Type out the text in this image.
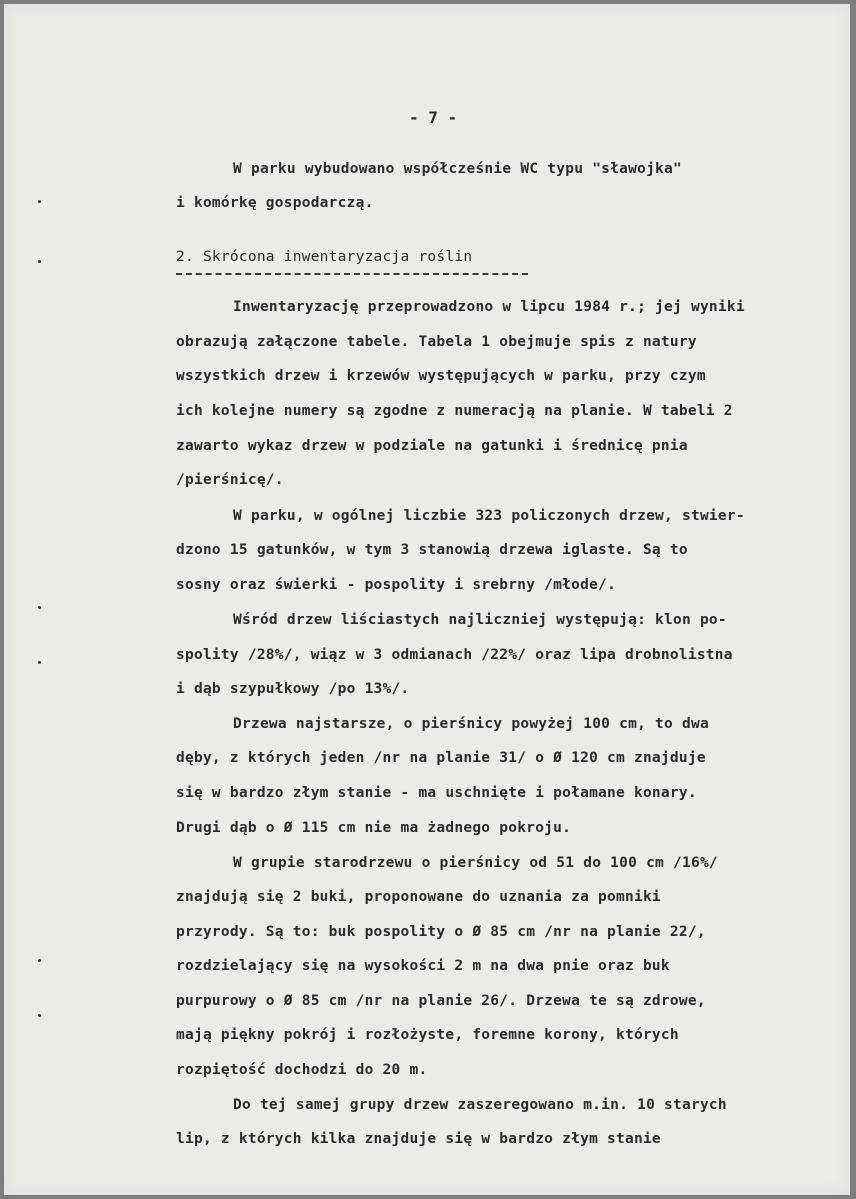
- 7 -
W parku wybudowano współcześnie WC typu "sławojka"
i komórkę gospodarczą.
2. Skrócona inwentaryzacja roślin
Inwentaryzację przeprowadzono w lipcu 1984 r.; jej wyniki
obrazują załączone tabele. Tabela 1 obejmuje spis z natury
wszystkich drzew i krzewów występujących w parku, przy czym
ich kolejne numery są zgodne z numeracją na planie. W tabeli 2
zawarto wykaz drzew w podziale na gatunki i średnicę pnia
/pierśnicę/.
W parku, w ogólnej liczbie 323 policzonych drzew, stwier-
dzono 15 gatunków, w tym 3 stanowią drzewa iglaste. Są to
sosny oraz świerki - pospolity i srebrny /młode/.
Wśród drzew liściastych najliczniej występują: klon po-
spolity /28%/, wiąz w 3 odmianach /22%/ oraz lipa drobnolistna
i dąb szypułkowy /po 13%/.
Drzewa najstarsze, o pierśnicy powyżej 100 cm, to dwa
dęby, z których jeden /nr na planie 31/ o Ø 120 cm znajduje
się w bardzo złym stanie - ma uschnięte i połamane konary.
Drugi dąb o Ø 115 cm nie ma żadnego pokroju.
W grupie starodrzewu o pierśnicy od 51 do 100 cm /16%/
znajdują się 2 buki, proponowane do uznania za pomniki
przyrody. Są to: buk pospolity o Ø 85 cm /nr na planie 22/,
rozdzielający się na wysokości 2 m na dwa pnie oraz buk
purpurowy o Ø 85 cm /nr na planie 26/. Drzewa te są zdrowe,
mają piękny pokrój i rozłożyste, foremne korony, których
rozpiętość dochodzi do 20 m.
Do tej samej grupy drzew zaszeregowano m.in. 10 starych
lip, z których kilka znajduje się w bardzo złym stanie
